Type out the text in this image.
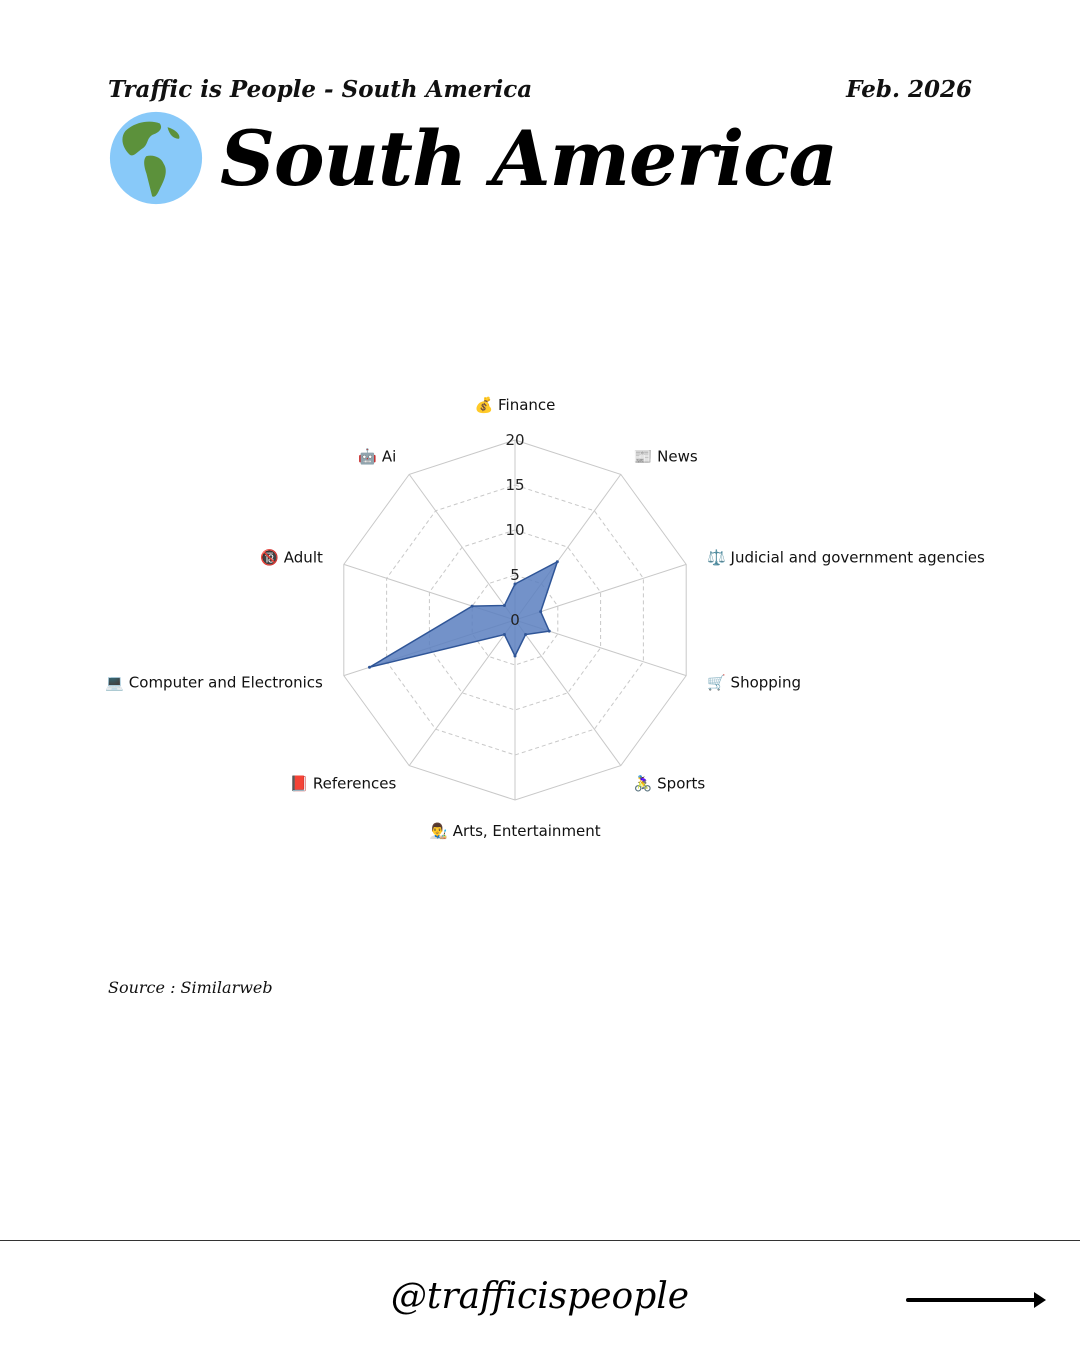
Traffic is People - South America	Feb. 2026
South America
0
5
10
15
20
💰 Finance
📰 News
⚖️ Judicial and government agencies
🛒 Shopping
🚴‍♀️ Sports
👨‍🎨 Arts, Entertainment
📕 References
💻 Computer and Electronics
🔞 Adult
🤖 Ai
Source : Similarweb
@trafficispeople
